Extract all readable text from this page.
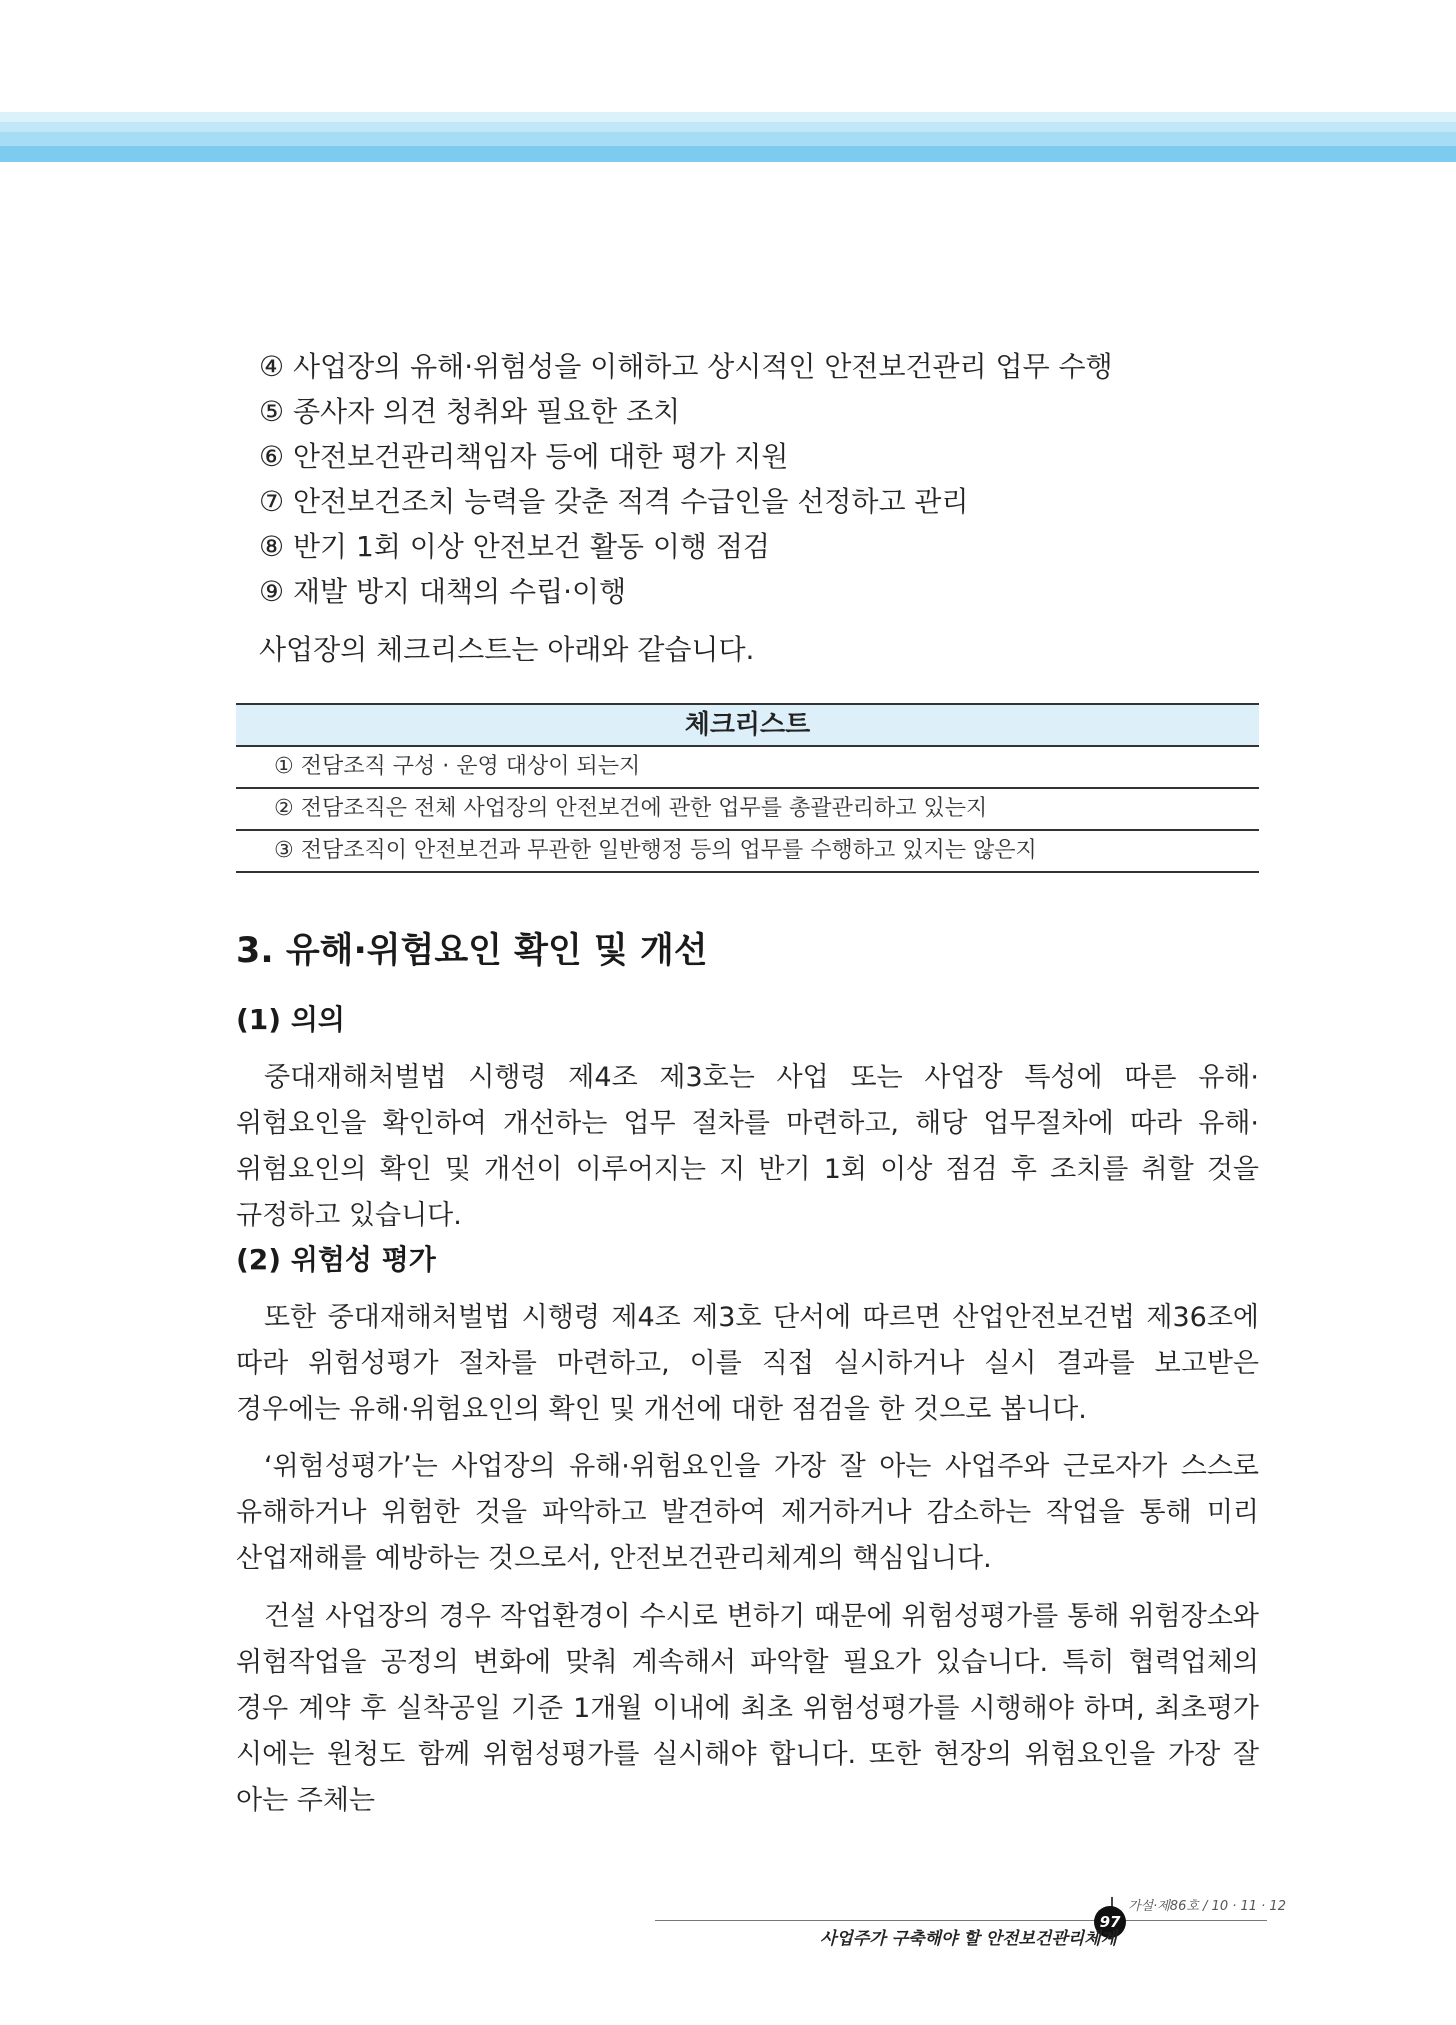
④ 사업장의 유해·위험성을 이해하고 상시적인 안전보건관리 업무 수행
⑤ 종사자 의견 청취와 필요한 조치
⑥ 안전보건관리책임자 등에 대한 평가 지원
⑦ 안전보건조치 능력을 갖춘 적격 수급인을 선정하고 관리
⑧ 반기 1회 이상 안전보건 활동 이행 점검
⑨ 재발 방지 대책의 수립·이행
사업장의 체크리스트는 아래와 같습니다.
체크리스트
① 전담조직 구성 · 운영 대상이 되는지
② 전담조직은 전체 사업장의 안전보건에 관한 업무를 총괄관리하고 있는지
③ 전담조직이 안전보건과 무관한 일반행정 등의 업무를 수행하고 있지는 않은지
3. 유해·위험요인 확인 및 개선
(1) 의의

중대재해처벌법 시행령 제4조 제3호는 사업 또는 사업장 특성에 따른 유해·위험요인을 확인하여 개선하는 업무 절차를 마련하고, 해당 업무절차에 따라 유해·위험요인의 확인 및 개선이 이루어지는 지 반기 1회 이상 점검 후 조치를 취할 것을 규정하고 있습니다.

(2) 위험성 평가

또한 중대재해처벌법 시행령 제4조 제3호 단서에 따르면 산업안전보건법 제36조에 따라 위험성평가 절차를 마련하고, 이를 직접 실시하거나 실시 결과를 보고받은 경우에는 유해·위험요인의 확인 및 개선에 대한 점검을 한 것으로 봅니다.

‘위험성평가’는 사업장의 유해·위험요인을 가장 잘 아는 사업주와 근로자가 스스로 유해하거나 위험한 것을 파악하고 발견하여 제거하거나 감소하는 작업을 통해 미리 산업재해를 예방하는 것으로서, 안전보건관리체계의 핵심입니다.

건설 사업장의 경우 작업환경이 수시로 변하기 때문에 위험성평가를 통해 위험장소와 위험작업을 공정의 변화에 맞춰 계속해서 파악할 필요가 있습니다. 특히 협력업체의 경우 계약 후 실착공일 기준 1개월 이내에 최초 위험성평가를 시행해야 하며, 최초평가 시에는 원청도 함께 위험성평가를 실시해야 합니다. 또한 현장의 위험요인을 가장 잘 아는 주체는

97
가설·제86호 / 10 · 11 · 12
사업주가 구축해야 할 안전보건관리체계
